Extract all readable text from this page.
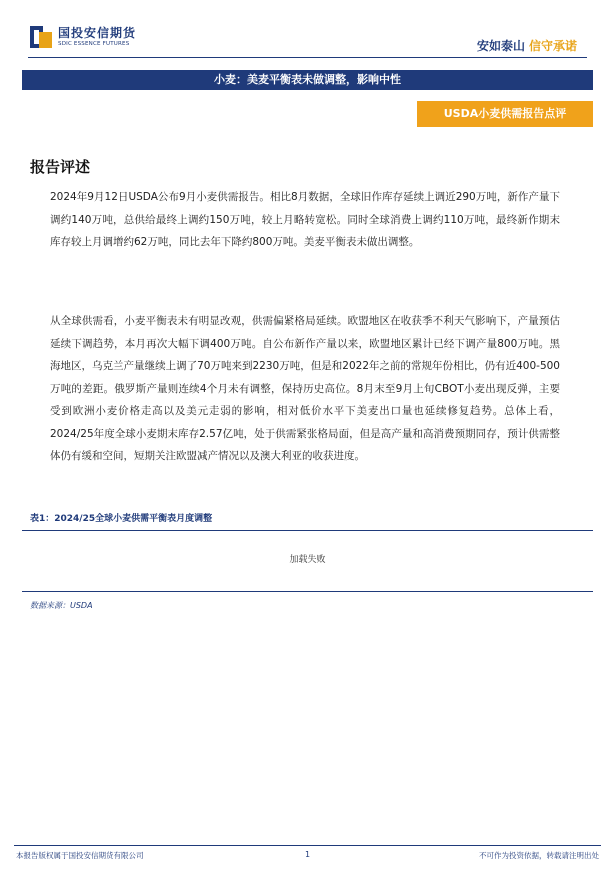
国投安信期货
SDIC ESSENCE FUTURES	安如泰山 信守承诺
小麦：美麦平衡表未做调整，影响中性
USDA小麦供需报告点评
报告评述

2024年9月12日USDA公布9月小麦供需报告。相比8月数据，全球旧作库存延续上调近290万吨，新作产量下调约140万吨，总供给最终上调约150万吨，较上月略转宽松。同时全球消费上调约110万吨，最终新作期末库存较上月调增约62万吨，同比去年下降约800万吨。美麦平衡表未做出调整。

从全球供需看，小麦平衡表未有明显改观，供需偏紧格局延续。欧盟地区在收获季不利天气影响下，产量预估延续下调趋势，本月再次大幅下调400万吨。自公布新作产量以来，欧盟地区累计已经下调产量800万吨。黑海地区，乌克兰产量继续上调了70万吨来到2230万吨，但是和2022年之前的常规年份相比，仍有近400-500万吨的差距。俄罗斯产量则连续4个月未有调整，保持历史高位。8月末至9月上旬CBOT小麦出现反弹，主要受到欧洲小麦价格走高以及美元走弱的影响，相对低价水平下美麦出口量也延续修复趋势。总体上看，2024/25年度全球小麦期末库存2.57亿吨，处于供需紧张格局面，但是高产量和高消费预期同存，预计供需整体仍有缓和空间，短期关注欧盟减产情况以及澳大利亚的收获进度。

表1：2024/25全球小麦供需平衡表月度调整
加载失败
数据来源：USDA
本报告版权属于国投安信期货有限公司	1	不可作为投资依据，转载请注明出处
